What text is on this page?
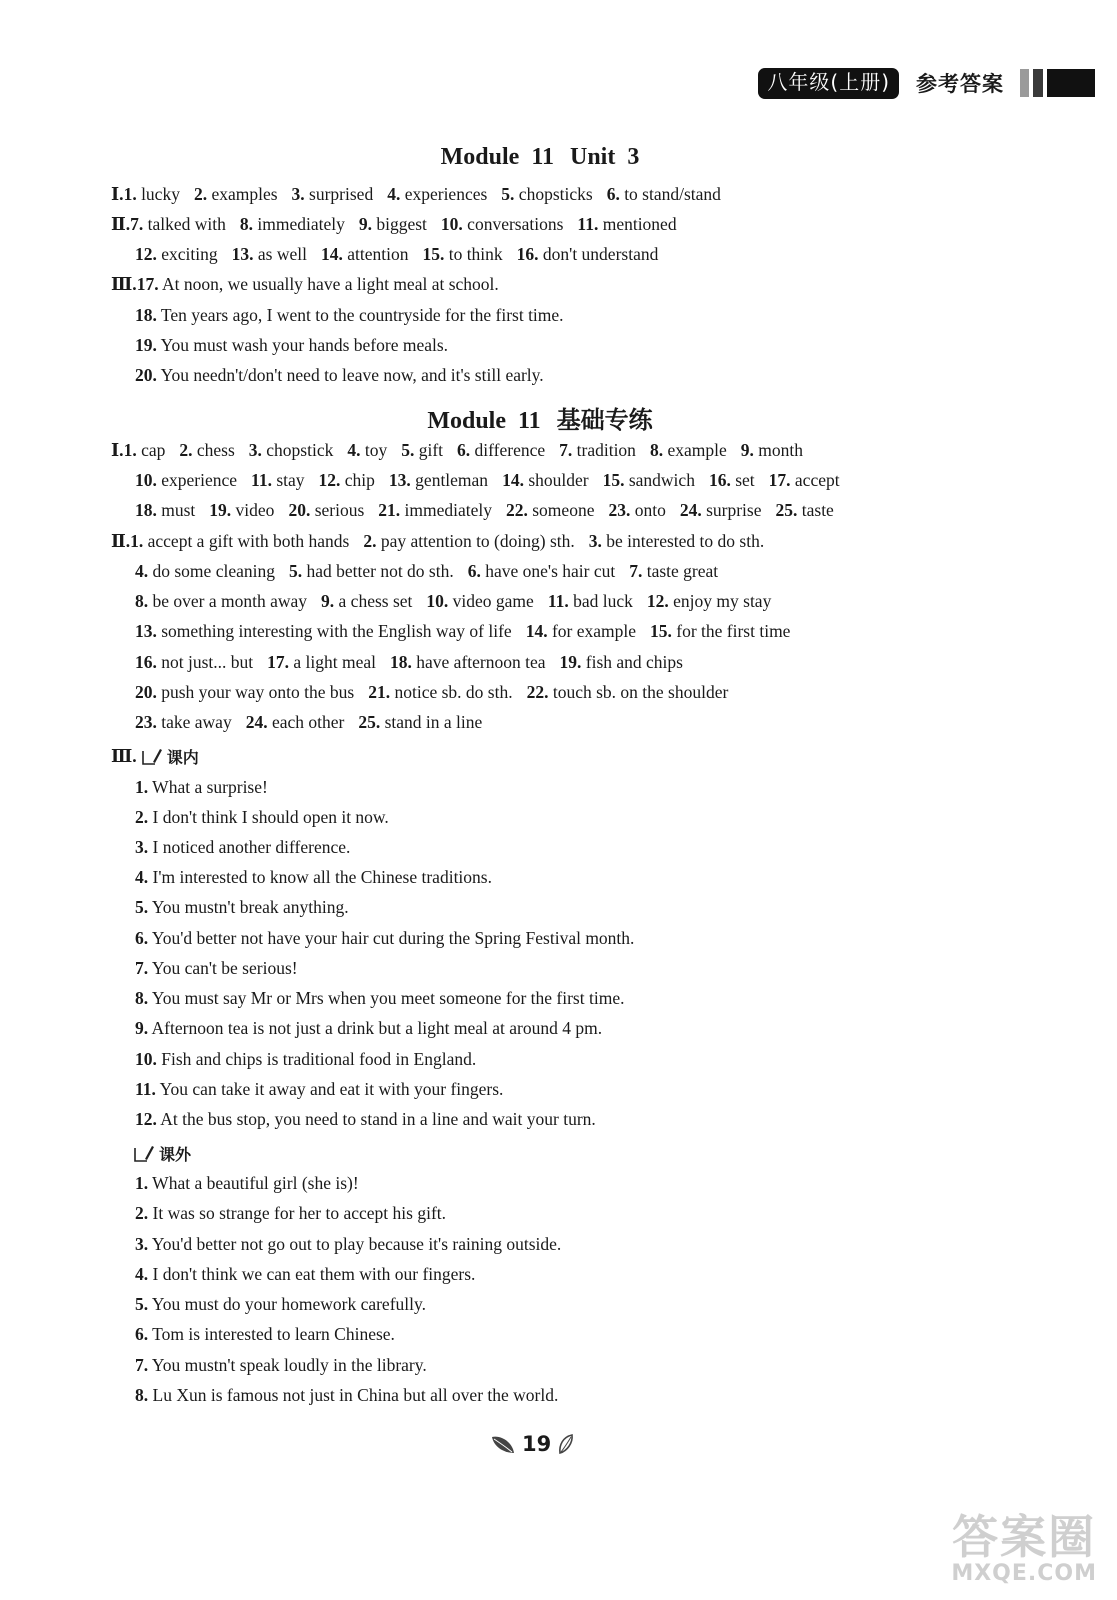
八年级(上册)	参考答案
Module 11 Unit 3
Ⅰ.1. lucky 2. examples 3. surprised 4. experiences 5. chopsticks 6. to stand/stand
Ⅱ.7. talked with 8. immediately 9. biggest 10. conversations 11. mentioned
12. exciting 13. as well 14. attention 15. to think 16. don't understand
Ⅲ.17. At noon, we usually have a light meal at school.
18. Ten years ago, I went to the countryside for the first time.
19. You must wash your hands before meals.
20. You needn't/don't need to leave now, and it's still early.
Module 11 基础专练
Ⅰ.1. cap 2. chess 3. chopstick 4. toy 5. gift 6. difference 7. tradition 8. example 9. month
10. experience 11. stay 12. chip 13. gentleman 14. shoulder 15. sandwich 16. set 17. accept
18. must 19. video 20. serious 21. immediately 22. someone 23. onto 24. surprise 25. taste
Ⅱ.1. accept a gift with both hands 2. pay attention to (doing) sth. 3. be interested to do sth.
4. do some cleaning 5. had better not do sth. 6. have one's hair cut 7. taste great
8. be over a month away 9. a chess set 10. video game 11. bad luck 12. enjoy my stay
13. something interesting with the English way of life 14. for example 15. for the first time
16. not just... but 17. a light meal 18. have afternoon tea 19. fish and chips
20. push your way onto the bus 21. notice sb. do sth. 22. touch sb. on the shoulder
23. take away 24. each other 25. stand in a line
Ⅲ. 课内
1. What a surprise!
2. I don't think I should open it now.
3. I noticed another difference.
4. I'm interested to know all the Chinese traditions.
5. You mustn't break anything.
6. You'd better not have your hair cut during the Spring Festival month.
7. You can't be serious!
8. You must say Mr or Mrs when you meet someone for the first time.
9. Afternoon tea is not just a drink but a light meal at around 4 pm.
10. Fish and chips is traditional food in England.
11. You can take it away and eat it with your fingers.
12. At the bus stop, you need to stand in a line and wait your turn.
课外
1. What a beautiful girl (she is)!
2. It was so strange for her to accept his gift.
3. You'd better not go out to play because it's raining outside.
4. I don't think we can eat them with our fingers.
5. You must do your homework carefully.
6. Tom is interested to learn Chinese.
7. You mustn't speak loudly in the library.
8. Lu Xun is famous not just in China but all over the world.
19
答案圈
MXQE.COM
